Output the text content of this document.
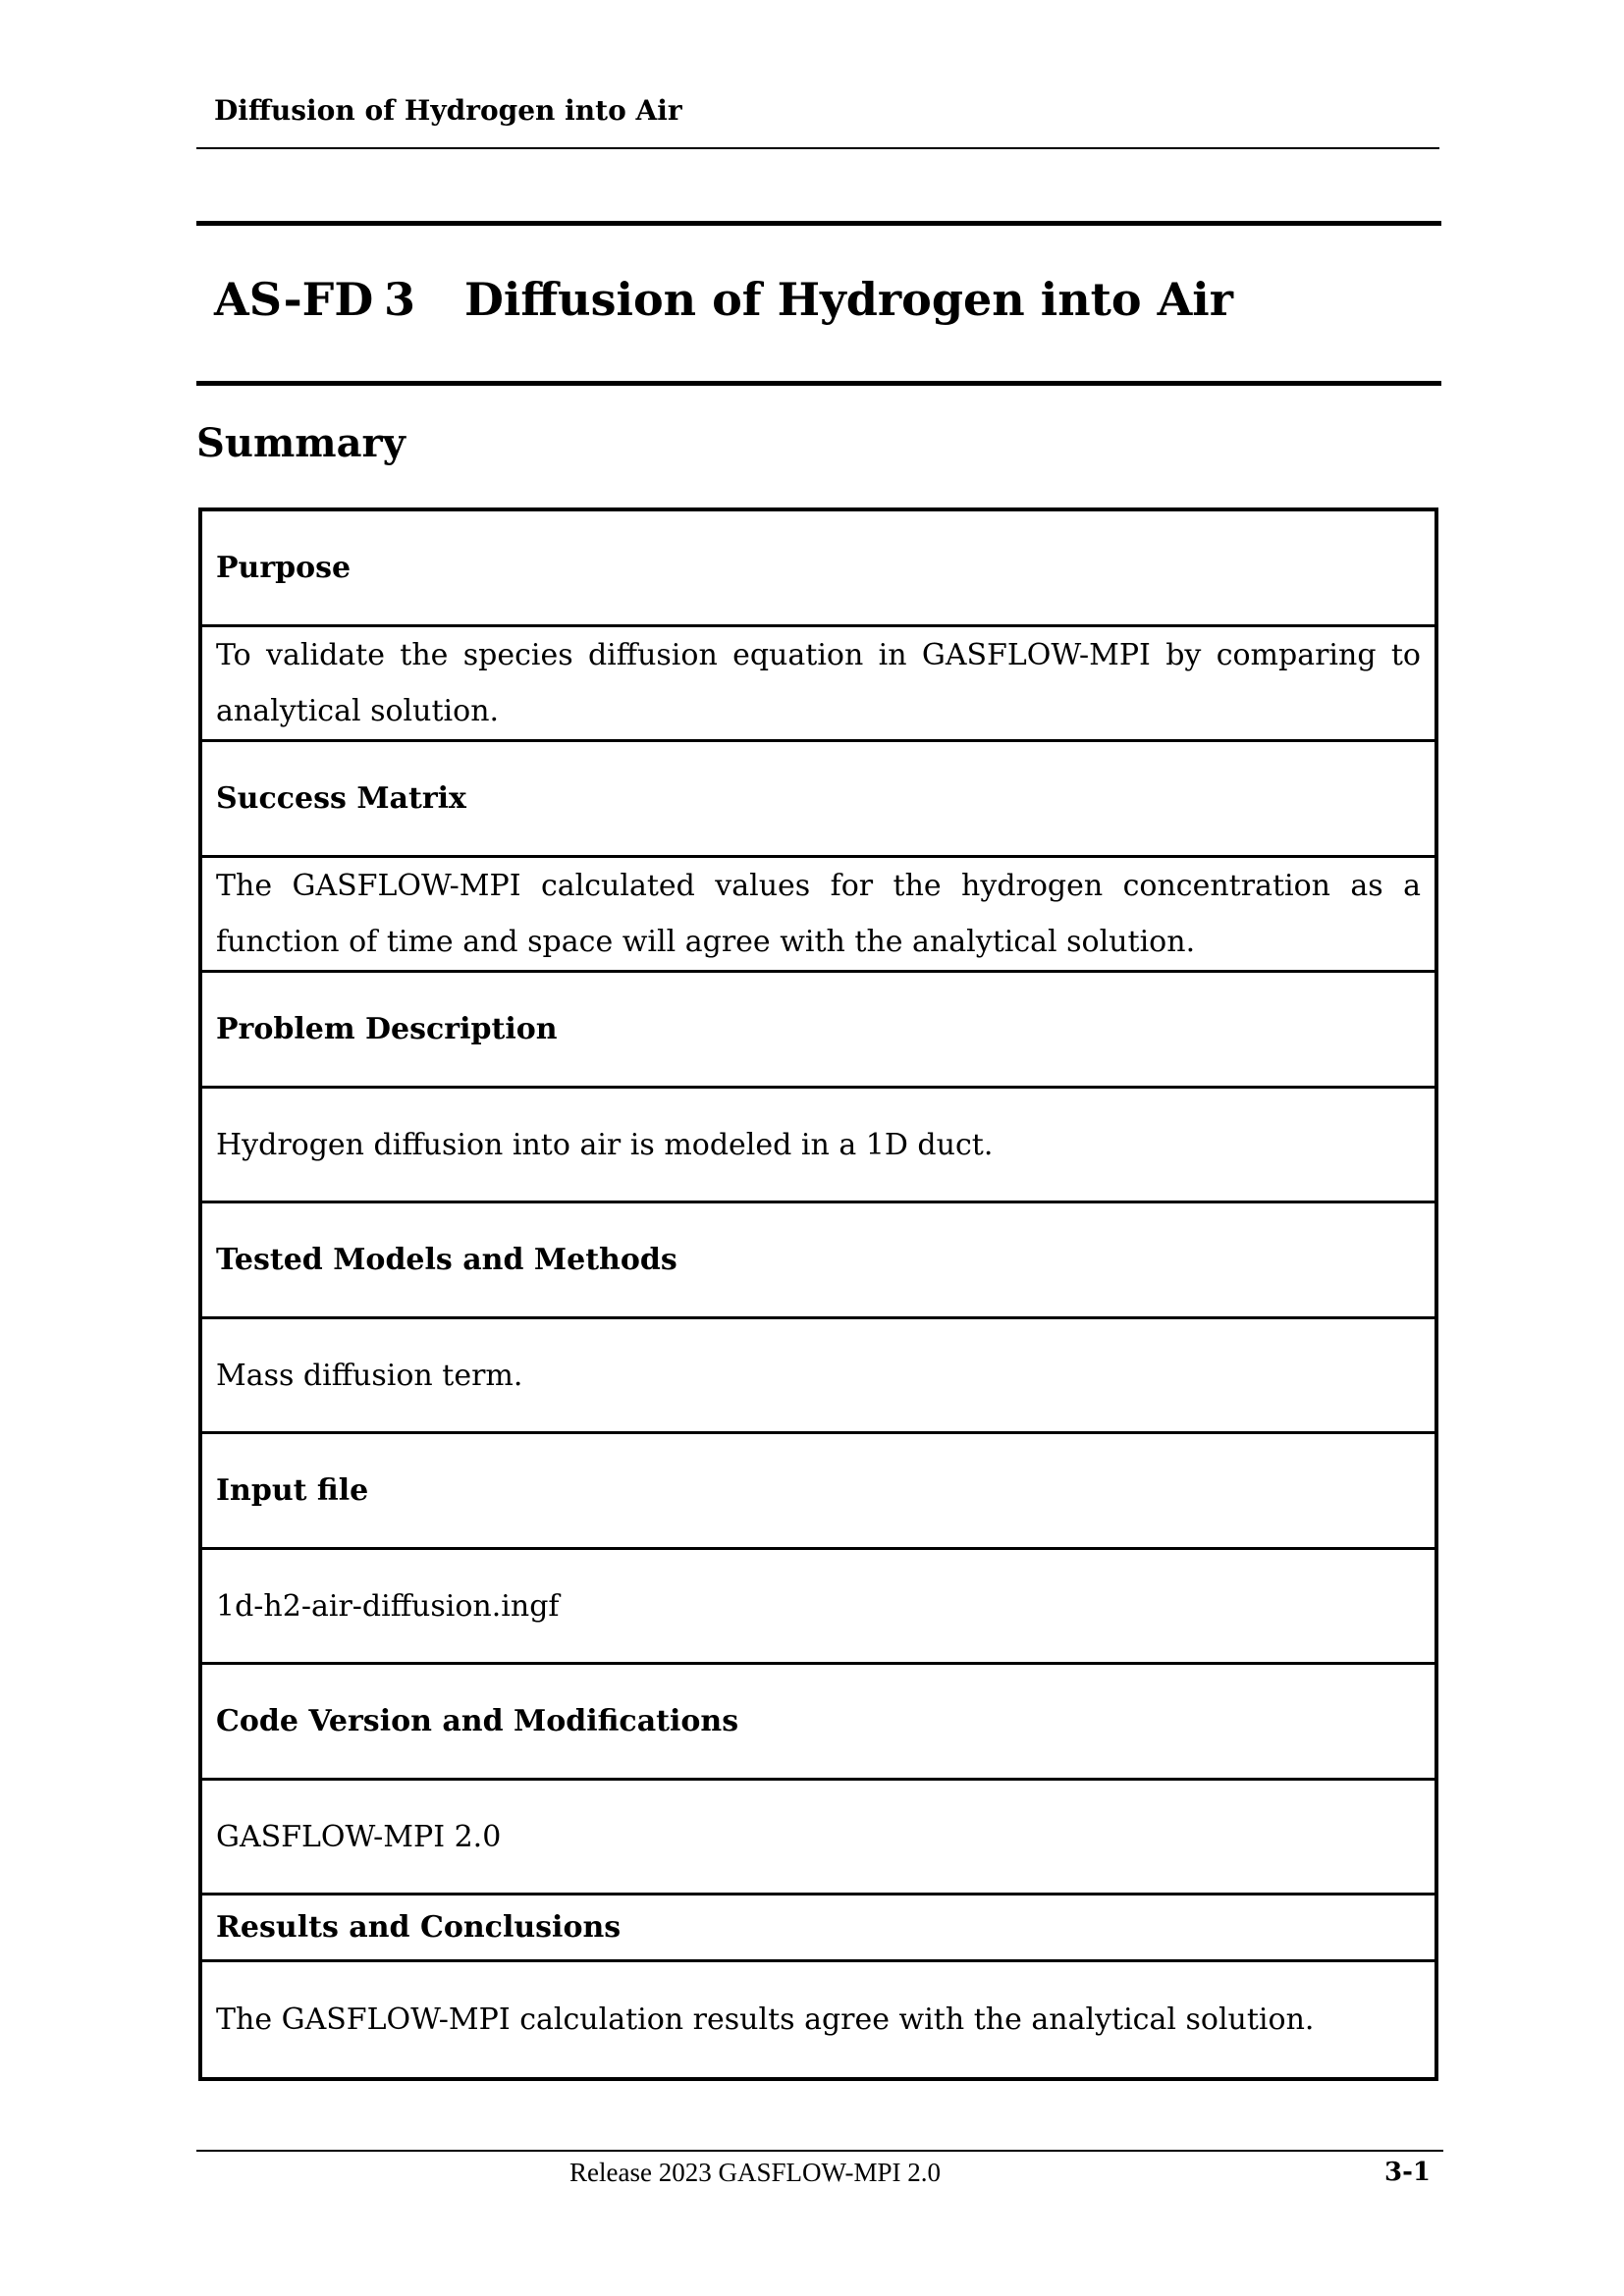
Diffusion of Hydrogen into Air
AS-FD 3	Diffusion of Hydrogen into Air
Summary
Purpose
To validate the species diffusion equation in GASFLOW-MPI by comparing to analytical solution.
Success Matrix
The GASFLOW-MPI calculated values for the hydrogen concentration as a function of time and space will agree with the analytical solution.
Problem Description
Hydrogen diffusion into air is modeled in a 1D duct.
Tested Models and Methods
Mass diffusion term.
Input file
1d-h2-air-diffusion.ingf
Code Version and Modifications
GASFLOW-MPI 2.0
Results and Conclusions
The GASFLOW-MPI calculation results agree with the analytical solution.
Release 2023 GASFLOW-MPI 2.0	3-1
